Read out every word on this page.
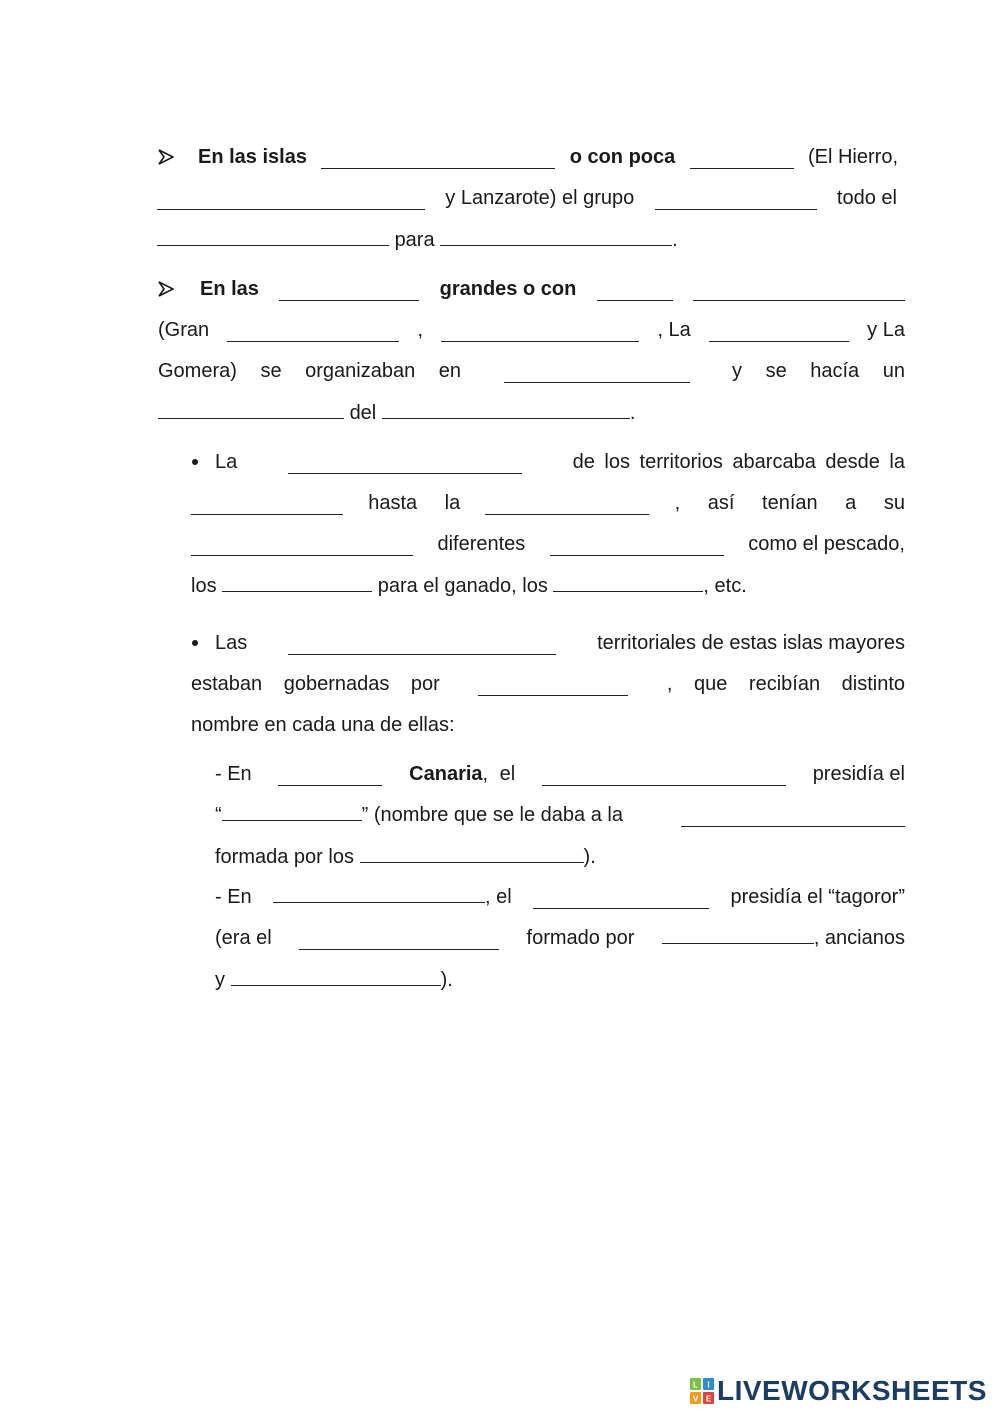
En las islas	o con poca	(El Hierro,
y Lanzarote) el grupo	todo el
para	.
En las	grandes o con
(Gran	,	, La	y La
Gomera) se organizaban en	y se hacía un
del	.
La	de los territorios abarcaba desde la
hasta la	, así tenían a su
diferentes	como el pescado,
los	para el ganado, los	, etc.
Las	territoriales de estas islas mayores
estaban gobernadas por	, que recibían distinto
nombre en cada una de ellas:
- En	Canaria, el	presidía el
“	” (nombre que se le daba a la
formada por los	).
- En	, el	presidía el “tagoror”
(era el	formado por	, ancianos
y	).
L I
V E LIVEWORKSHEETS
